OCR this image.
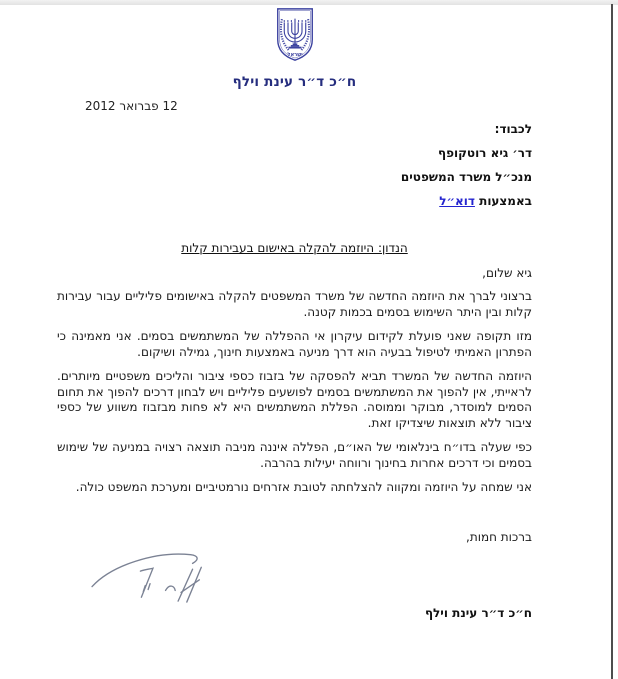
ישראל
ח״כ ד״ר עינת וילף
12 פברואר 2012
לכבוד:
דר׳ גיא רוטקופף
מנכ״ל משרד המשפטים
באמצעות דוא״ל
הנדון: היוזמה להקלה באישום בעבירות קלות
גיא שלום,

ברצוני לברך את היוזמה החדשה של משרד המשפטים להקלה באישומים פליליים עבור עבירות קלות ובין היתר השימוש בסמים בכמות קטנה.

מזו תקופה שאני פועלת לקידום עיקרון אי ההפללה של המשתמשים בסמים. אני מאמינה כי הפתרון האמיתי לטיפול בבעיה הוא דרך מניעה באמצעות חינוך, גמילה ושיקום.

היוזמה החדשה של המשרד תביא להפסקה של בזבוז כספי ציבור והליכים משפטיים מיותרים. לראייתי, אין להפוך את המשתמשים בסמים לפושעים פליליים ויש לבחון דרכים להפוך את תחום הסמים למוסדר, מבוקר וממוסה. הפללת המשתמשים היא לא פחות מבזבוז משווע של כספי ציבור ללא תוצאות שיצדיקו זאת.

כפי שעלה בדו״ח בינלאומי של האו״ם, הפללה איננה מניבה תוצאה רצויה במניעה של שימוש בסמים וכי דרכים אחרות בחינוך ורווחה יעילות בהרבה.

אני שמחה על היוזמה ומקווה להצלחתה לטובת אזרחים נורמטיביים ומערכת המשפט כולה.

ברכות חמות,
ח״כ ד״ר עינת וילף
